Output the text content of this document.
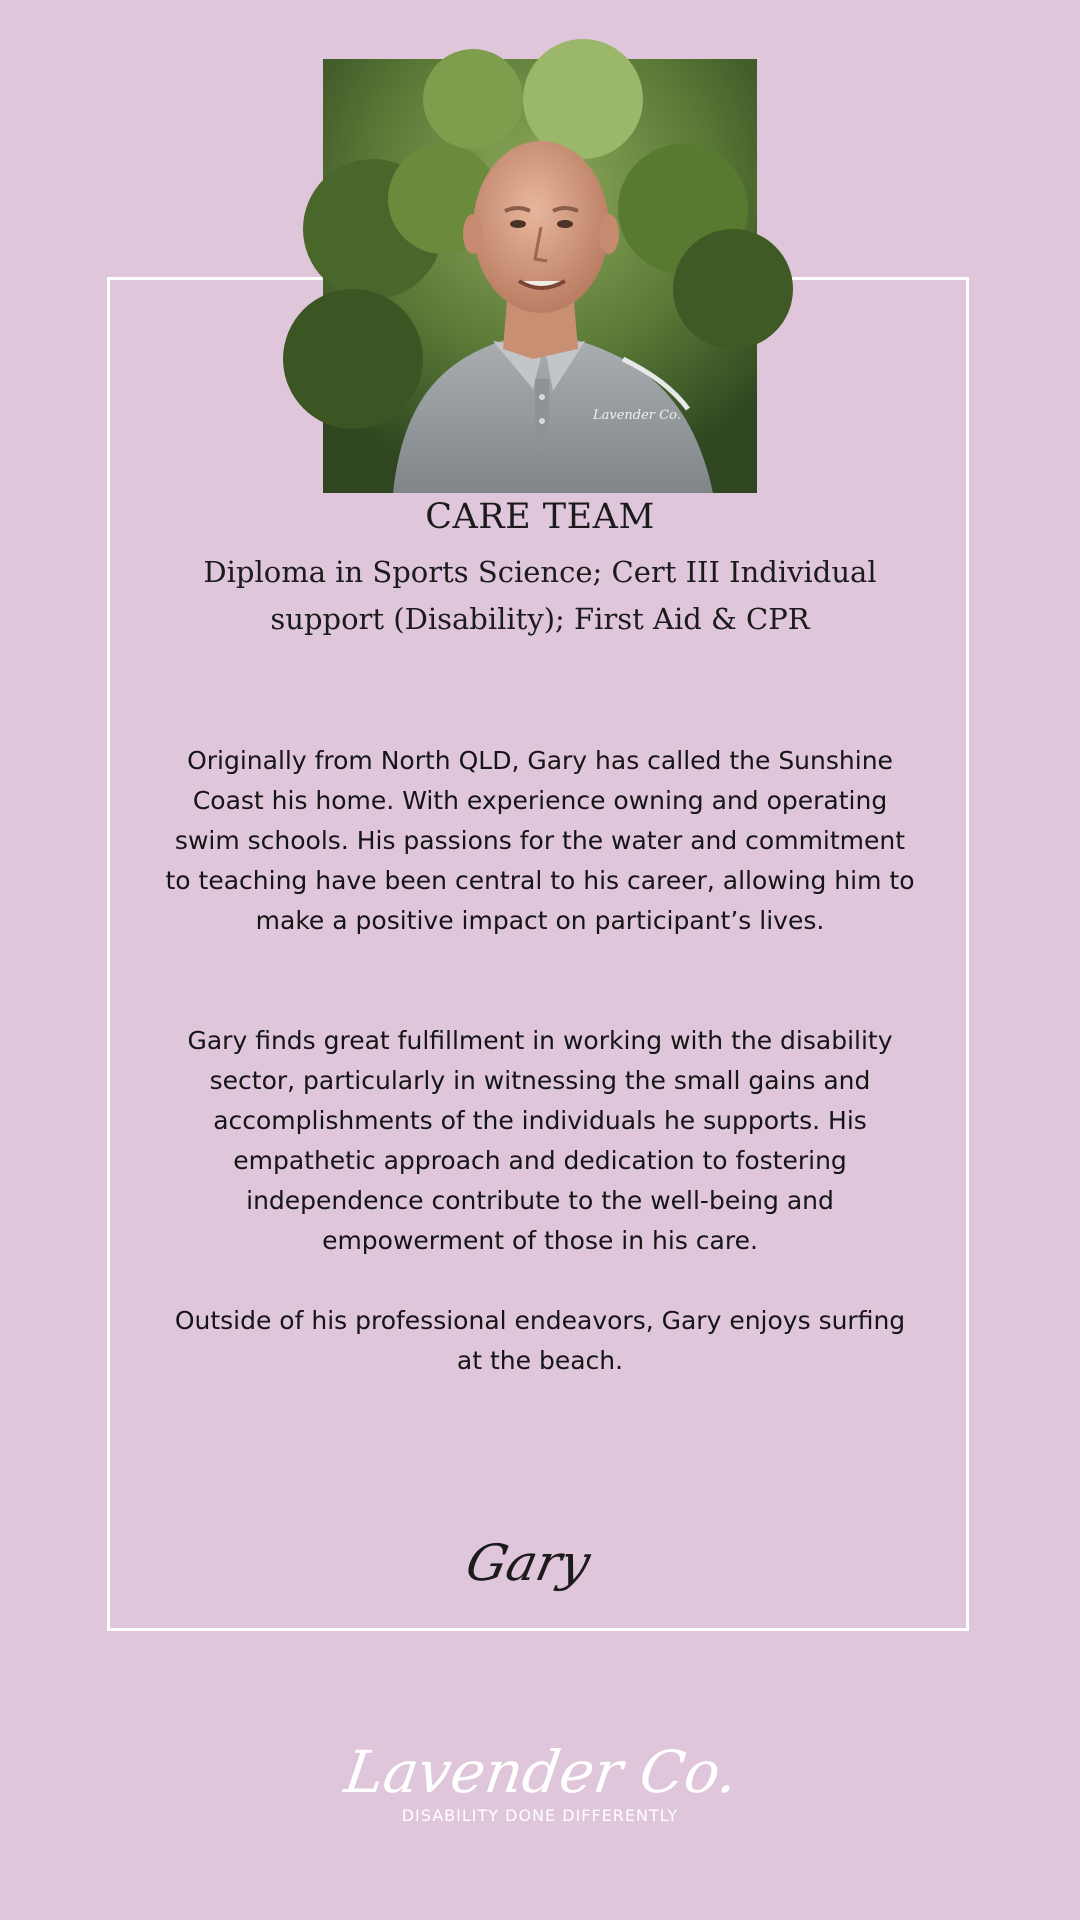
Lavender Co.
CARE TEAM
Diploma in Sports Science; Cert III Individual support (Disability); First Aid & CPR

Originally from North QLD, Gary has called the Sunshine Coast his home. With experience owning and operating swim schools. His passions for the water and commitment to teaching have been central to his career, allowing him to make a positive impact on participant’s lives.

Gary finds great fulfillment in working with the disability sector, particularly in witnessing the small gains and accomplishments of the individuals he supports. His empathetic approach and dedication to fostering independence contribute to the well-being and empowerment of those in his care.

Outside of his professional endeavors, Gary enjoys surfing at the beach.

Gary
Lavender Co.
DISABILITY DONE DIFFERENTLY
